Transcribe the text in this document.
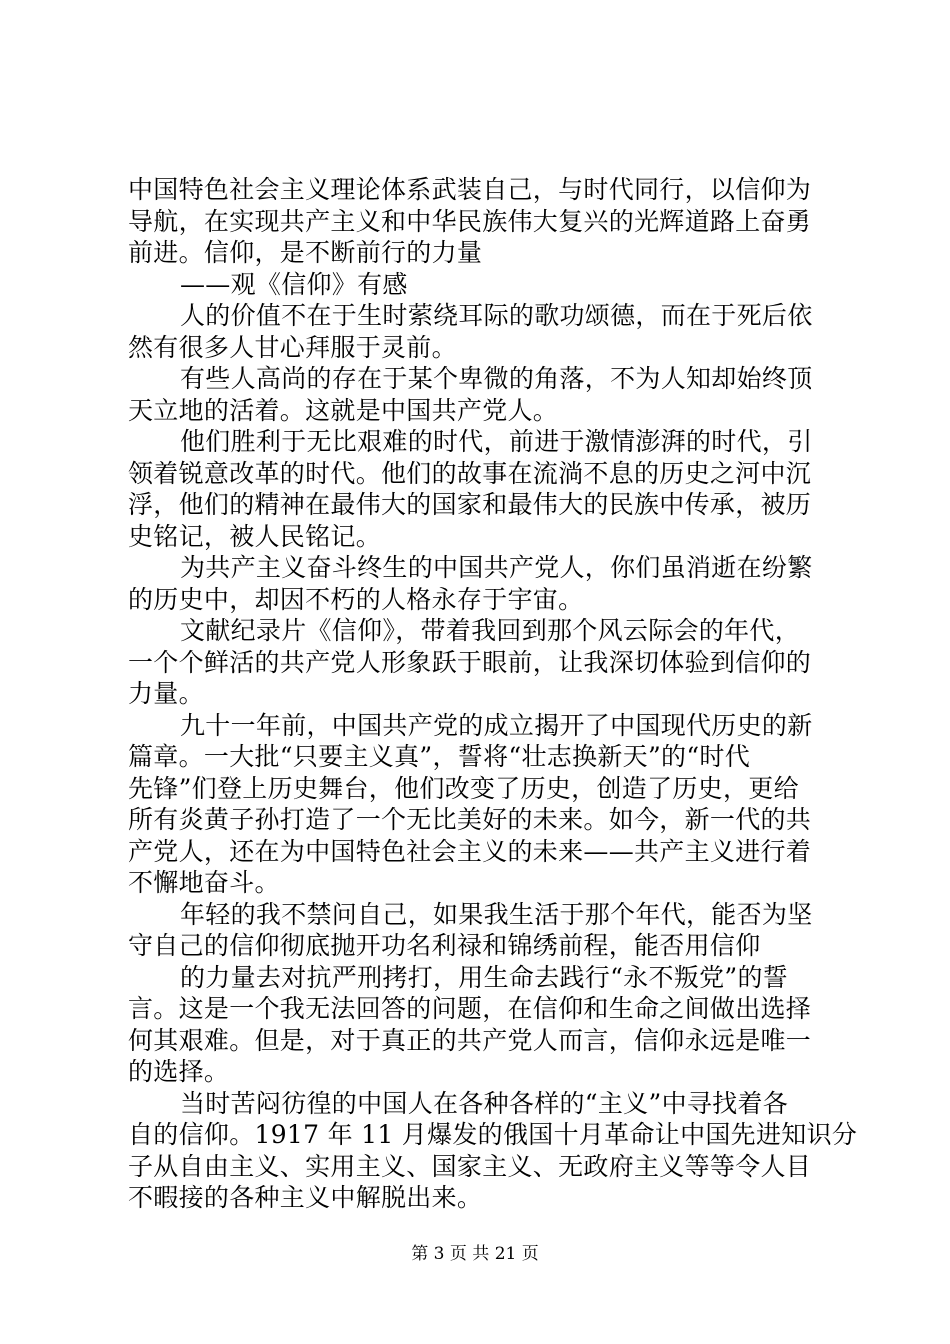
中国特色社会主义理论体系武装自己，与时代同行，以信仰为
导航，在实现共产主义和中华民族伟大复兴的光辉道路上奋勇
前进。信仰，是不断前行的力量
——观《信仰》有感
人的价值不在于生时萦绕耳际的歌功颂德，而在于死后依
然有很多人甘心拜服于灵前。
有些人高尚的存在于某个卑微的角落，不为人知却始终顶
天立地的活着。这就是中国共产党人。
他们胜利于无比艰难的时代，前进于激情澎湃的时代，引
领着锐意改革的时代。他们的故事在流淌不息的历史之河中沉
浮，他们的精神在最伟大的国家和最伟大的民族中传承，被历
史铭记，被人民铭记。
为共产主义奋斗终生的中国共产党人，你们虽消逝在纷繁
的历史中，却因不朽的人格永存于宇宙。
文献纪录片《信仰》，带着我回到那个风云际会的年代，
一个个鲜活的共产党人形象跃于眼前，让我深切体验到信仰的
力量。
九十一年前，中国共产党的成立揭开了中国现代历史的新
篇章。一大批“只要主义真”，誓将“壮志换新天”的“时代
先锋”们登上历史舞台，他们改变了历史，创造了历史，更给
所有炎黄子孙打造了一个无比美好的未来。如今，新一代的共
产党人，还在为中国特色社会主义的未来——共产主义进行着
不懈地奋斗。
年轻的我不禁问自己，如果我生活于那个年代，能否为坚
守自己的信仰彻底抛开功名利禄和锦绣前程，能否用信仰
的力量去对抗严刑拷打，用生命去践行“永不叛党”的誓
言。这是一个我无法回答的问题，在信仰和生命之间做出选择
何其艰难。但是，对于真正的共产党人而言，信仰永远是唯一
的选择。
当时苦闷彷徨的中国人在各种各样的“主义”中寻找着各
自的信仰。1917 年 11 月爆发的俄国十月革命让中国先进知识分
子从自由主义、实用主义、国家主义、无政府主义等等令人目
不暇接的各种主义中解脱出来。
第 3 页 共 21 页
